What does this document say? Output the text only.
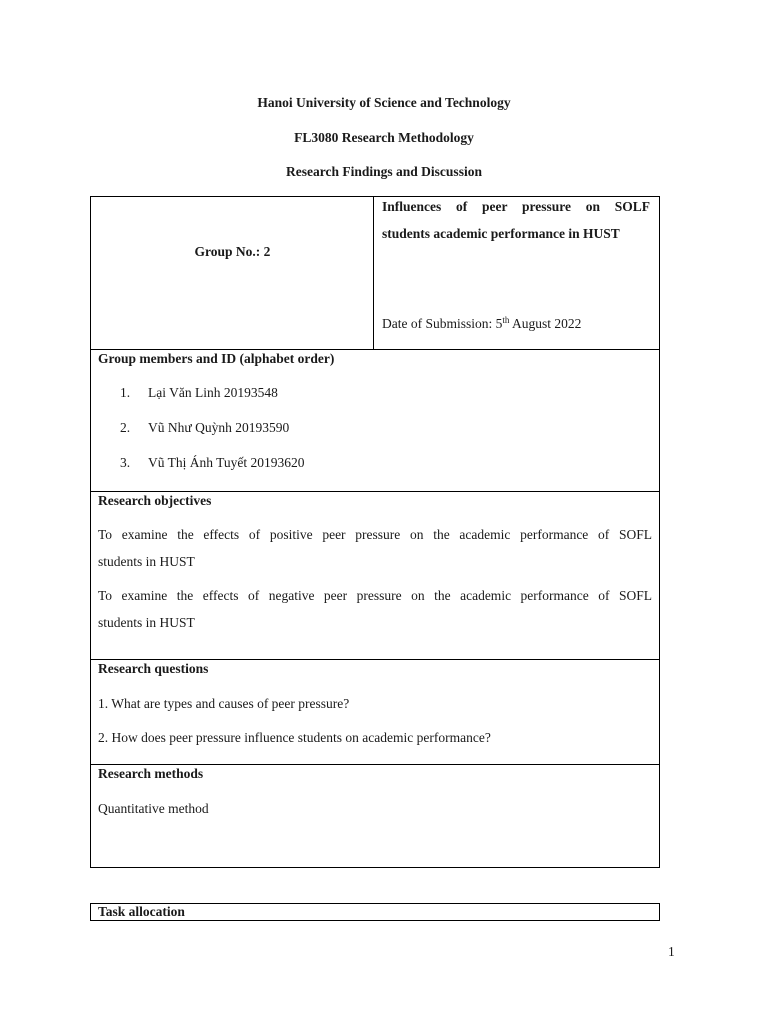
Hanoi University of Science and Technology
FL3080 Research Methodology
Research Findings and Discussion
Group No.: 2
Influences of peer pressure on SOLF
students academic performance in HUST
Date of Submission: 5th August 2022
Group members and ID (alphabet order)
1. Lại Văn Linh 20193548
2. Vũ Như Quỳnh 20193590
3. Vũ Thị Ánh Tuyết 20193620
Research objectives
To examine the effects of positive peer pressure on the academic performance of SOFL
students in HUST
To examine the effects of negative peer pressure on the academic performance of SOFL
students in HUST
Research questions
1. What are types and causes of peer pressure?
2. How does peer pressure influence students on academic performance?
Research methods
Quantitative method
Task allocation
1
